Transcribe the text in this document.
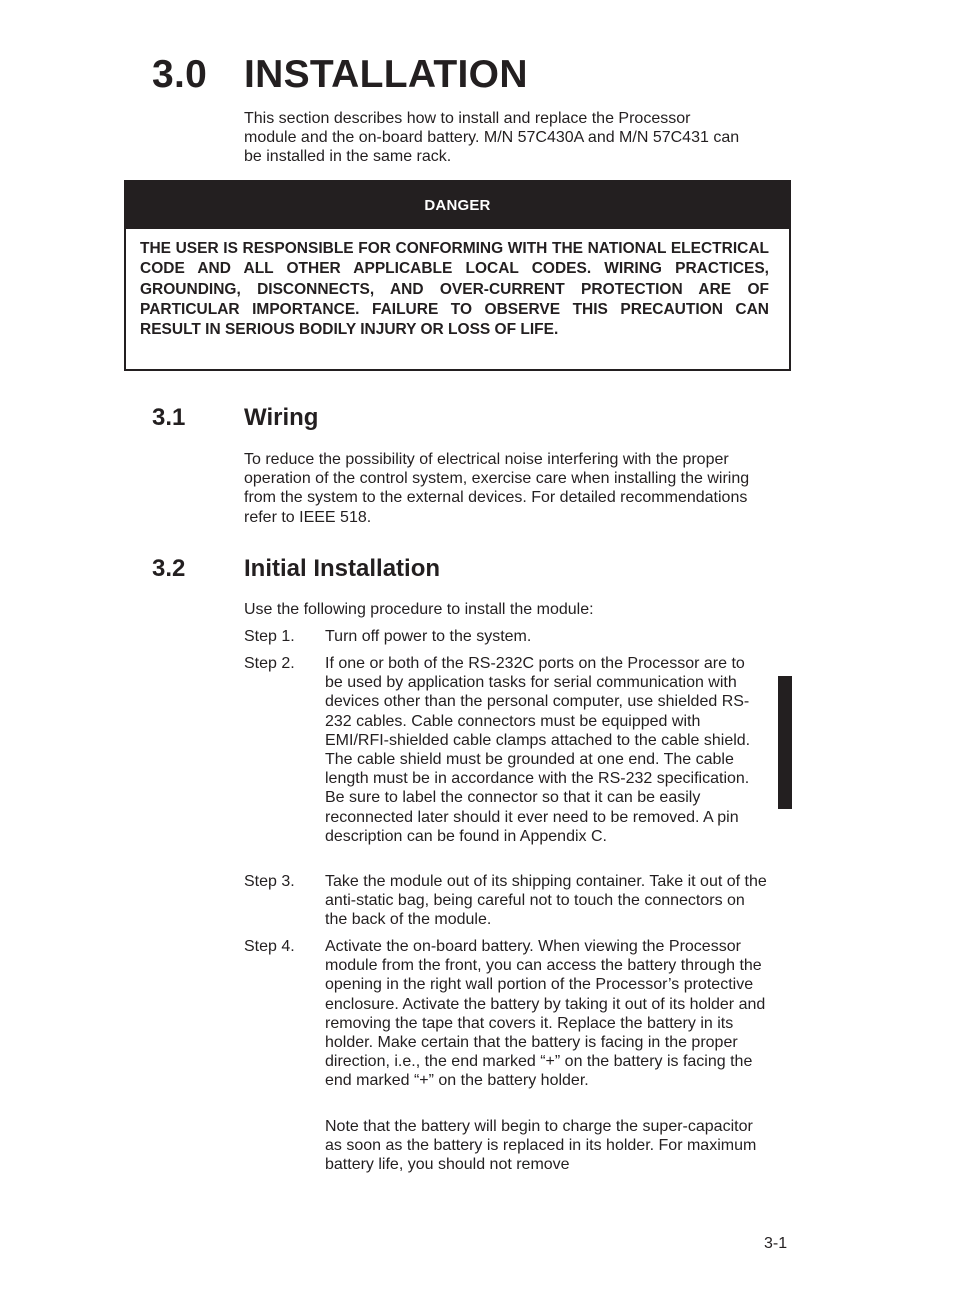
3.0 INSTALLATION
This section describes how to install and replace the Processor module and the on-board battery. M/N 57C430A and M/N 57C431 can be installed in the same rack.
DANGER
THE USER IS RESPONSIBLE FOR CONFORMING WITH THE NATIONAL ELECTRICAL CODE AND ALL OTHER APPLICABLE LOCAL CODES. WIRING PRACTICES, GROUNDING, DISCONNECTS, AND OVER-CURRENT PROTECTION ARE OF PARTICULAR IMPORTANCE. FAILURE TO OBSERVE THIS PRECAUTION CAN RESULT IN SERIOUS BODILY INJURY OR LOSS OF LIFE.
3.1 Wiring
To reduce the possibility of electrical noise interfering with the proper operation of the control system, exercise care when installing the wiring from the system to the external devices. For detailed recommendations refer to IEEE 518.
3.2 Initial Installation
Use the following procedure to install the module:
Step 1.	Turn off power to the system.
Step 2.	If one or both of the RS-232C ports on the Processor are to be used by application tasks for serial communication with devices other than the personal computer, use shielded RS-232 cables. Cable connectors must be equipped with EMI/RFI-shielded cable clamps attached to the cable shield. The cable shield must be grounded at one end. The cable length must be in accordance with the RS-232 specification. Be sure to label the connector so that it can be easily reconnected later should it ever need to be removed. A pin description can be found in Appendix C.
Step 3.	Take the module out of its shipping container. Take it out of the anti-static bag, being careful not to touch the connectors on the back of the module.
Step 4.	Activate the on-board battery. When viewing the Processor module from the front, you can access the battery through the opening in the right wall portion of the Processor’s protective enclosure. Activate the battery by taking it out of its holder and removing the tape that covers it. Replace the battery in its holder. Make certain that the battery is facing in the proper direction, i.e., the end marked “+” on the battery is facing the end marked “+” on the battery holder.
Note that the battery will begin to charge the super-capacitor as soon as the battery is replaced in its holder. For maximum battery life, you should not remove
3-1
